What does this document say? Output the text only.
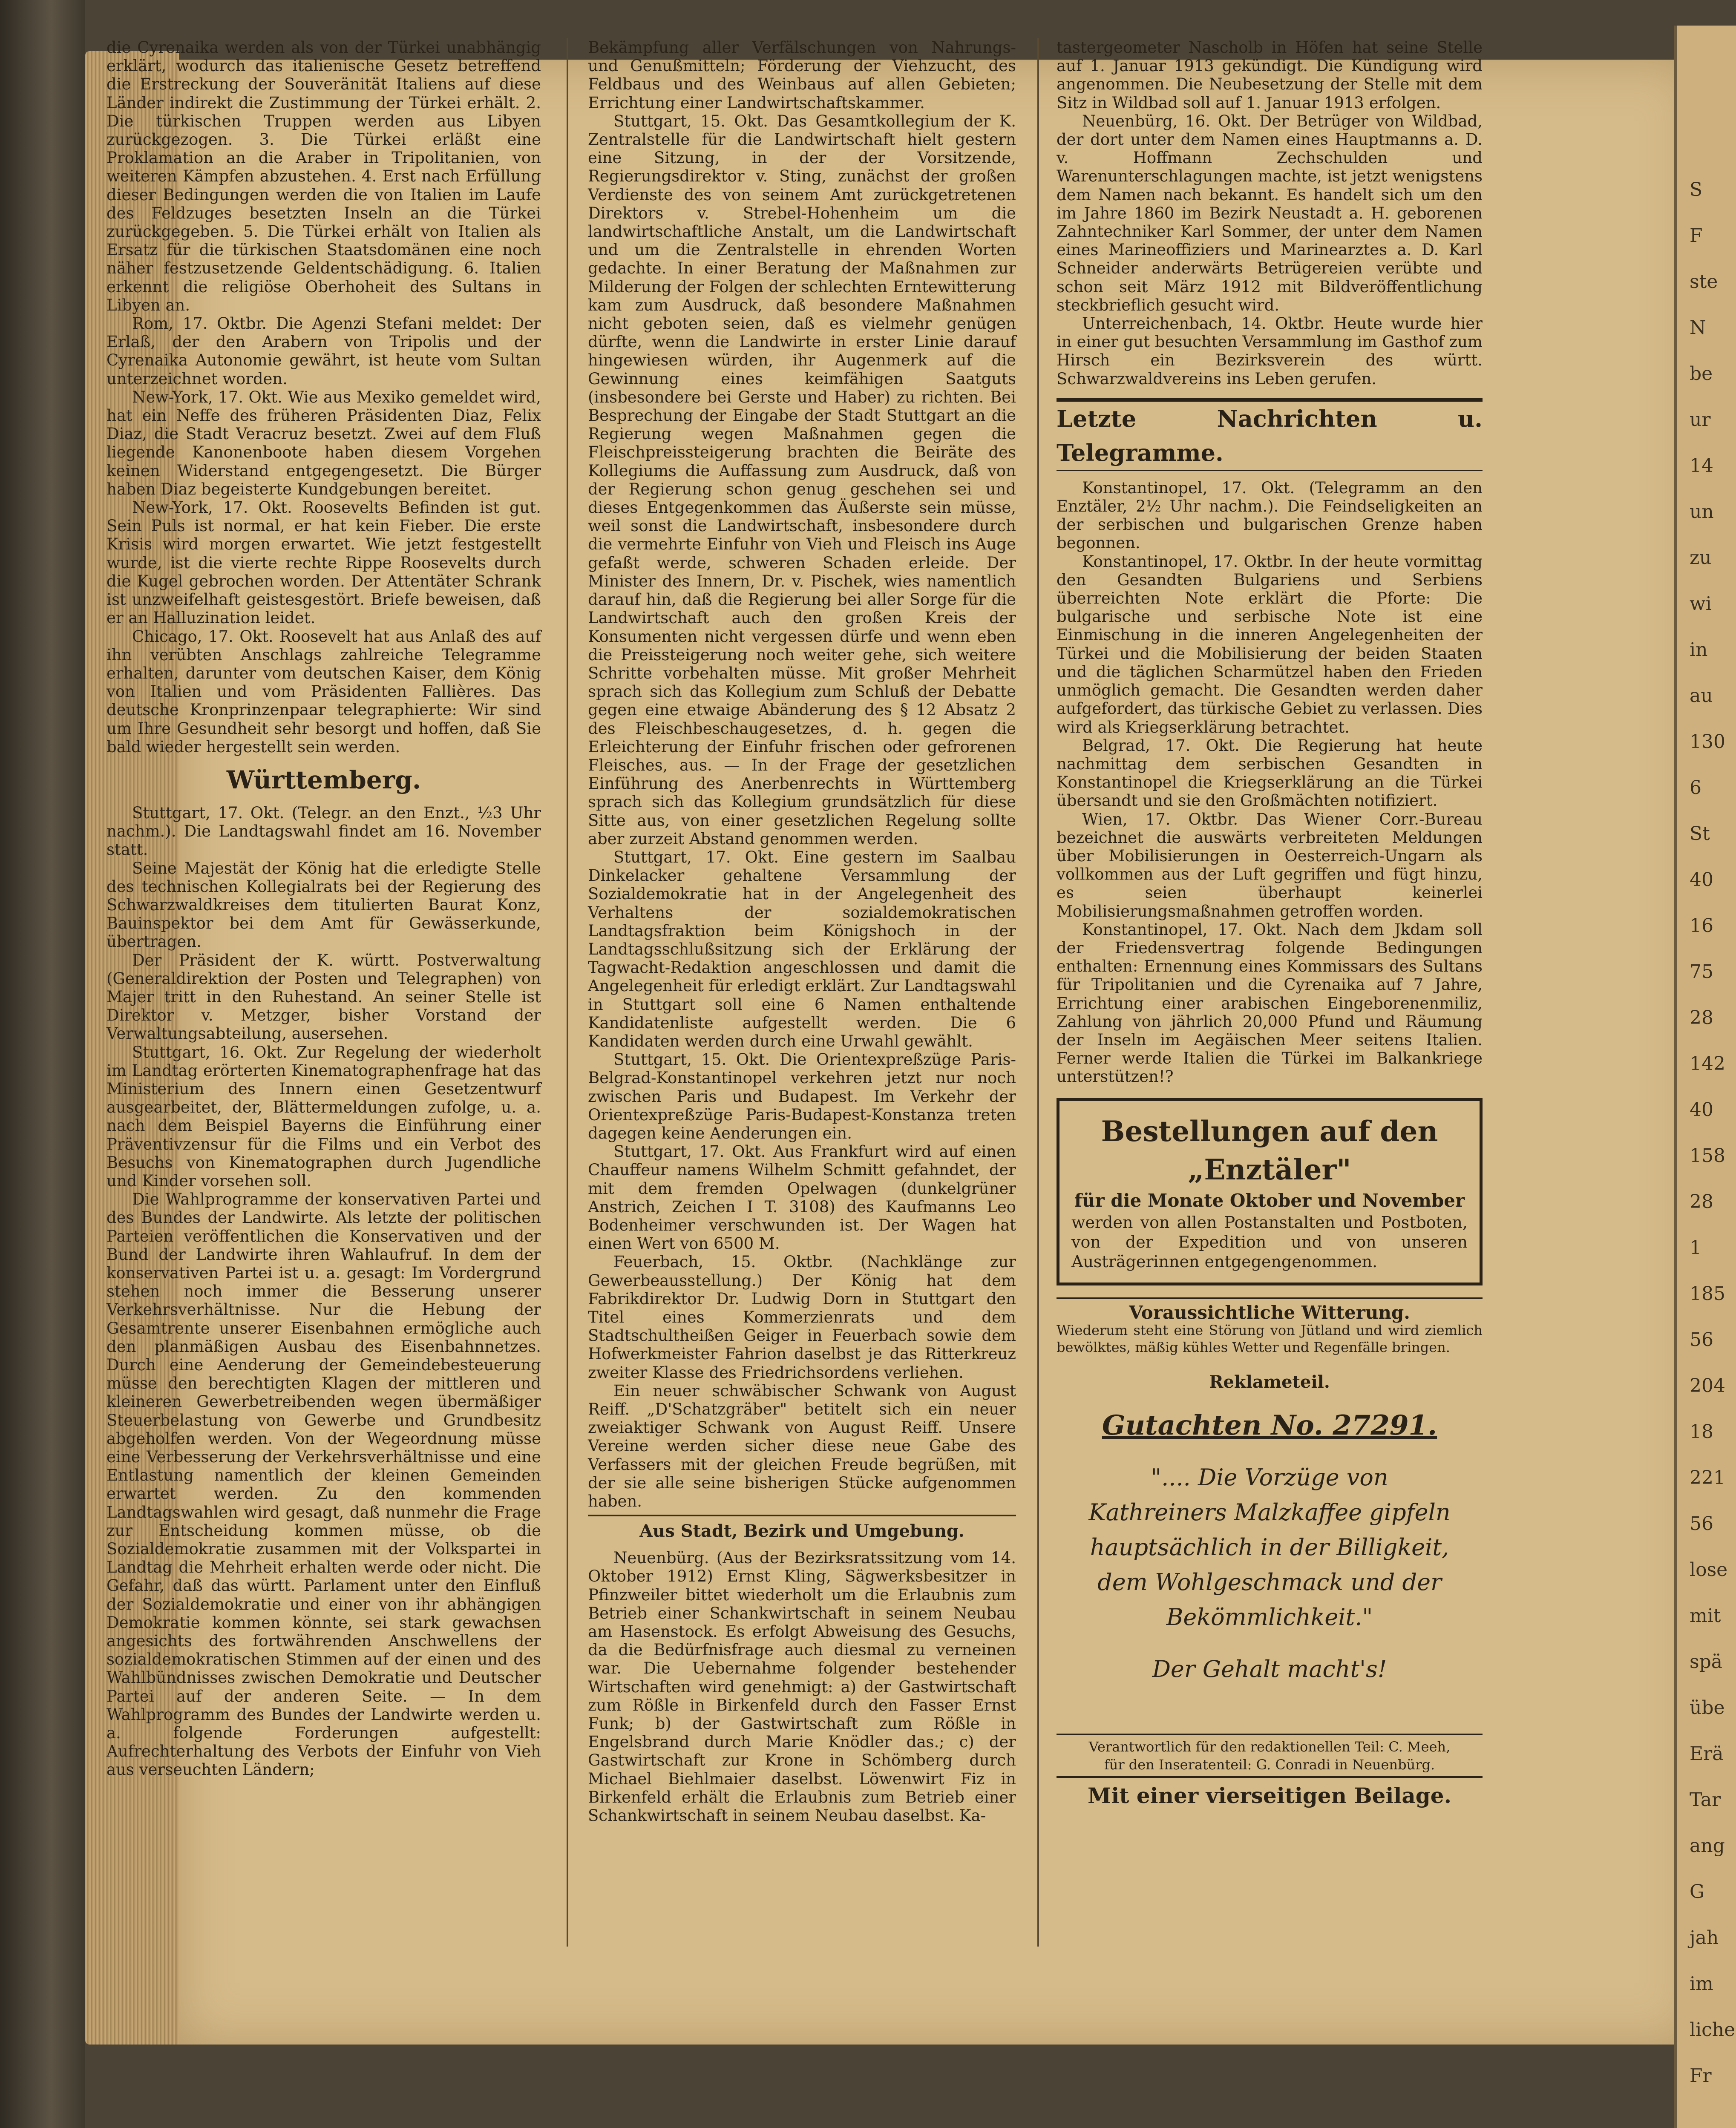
die Cyrenaika werden als von der Türkei unabhängig erklärt, wodurch das italienische Gesetz betreffend die Erstreckung der Souveränität Italiens auf diese Länder indirekt die Zustimmung der Türkei erhält. 2. Die türkischen Truppen werden aus Libyen zurückgezogen. 3. Die Türkei erläßt eine Proklamation an die Araber in Tripolitanien, von weiteren Kämpfen abzustehen. 4. Erst nach Erfüllung dieser Bedingungen werden die von Italien im Laufe des Feldzuges besetzten Inseln an die Türkei zurückgegeben. 5. Die Türkei erhält von Italien als Ersatz für die türkischen Staatsdomänen eine noch näher festzusetzende Geldentschädigung. 6. Italien erkennt die religiöse Oberhoheit des Sultans in Libyen an.

Rom, 17. Oktbr. Die Agenzi Stefani meldet: Der Erlaß, der den Arabern von Tripolis und der Cyrenaika Autonomie gewährt, ist heute vom Sultan unterzeichnet worden.

New-York, 17. Okt. Wie aus Mexiko gemeldet wird, hat ein Neffe des früheren Präsidenten Diaz, Felix Diaz, die Stadt Veracruz besetzt. Zwei auf dem Fluß liegende Kanonenboote haben diesem Vorgehen keinen Widerstand entgegengesetzt. Die Bürger haben Diaz begeisterte Kundgebungen bereitet.

New-York, 17. Okt. Roosevelts Befinden ist gut. Sein Puls ist normal, er hat kein Fieber. Die erste Krisis wird morgen erwartet. Wie jetzt festgestellt wurde, ist die vierte rechte Rippe Roosevelts durch die Kugel gebrochen worden. Der Attentäter Schrank ist unzweifelhaft geistesgestört. Briefe beweisen, daß er an Halluzination leidet.

Chicago, 17. Okt. Roosevelt hat aus Anlaß des auf ihn verübten Anschlags zahlreiche Telegramme erhalten, darunter vom deutschen Kaiser, dem König von Italien und vom Präsidenten Fallières. Das deutsche Kronprinzenpaar telegraphierte: Wir sind um Ihre Gesundheit sehr besorgt und hoffen, daß Sie bald wieder hergestellt sein werden.

Württemberg.

Stuttgart, 17. Okt. (Telegr. an den Enzt., ½3 Uhr nachm.). Die Landtagswahl findet am 16. November statt.

Seine Majestät der König hat die erledigte Stelle des technischen Kollegialrats bei der Regierung des Schwarzwaldkreises dem titulierten Baurat Konz, Bauinspektor bei dem Amt für Gewässerkunde, übertragen.

Der Präsident der K. württ. Postverwaltung (Generaldirektion der Posten und Telegraphen) von Majer tritt in den Ruhestand. An seiner Stelle ist Direktor v. Metzger, bisher Vorstand der Verwaltungsabteilung, ausersehen.

Stuttgart, 16. Okt. Zur Regelung der wiederholt im Landtag erörterten Kinematographenfrage hat das Ministerium des Innern einen Gesetzentwurf ausgearbeitet, der, Blättermeldungen zufolge, u. a. nach dem Beispiel Bayerns die Einführung einer Präventivzensur für die Films und ein Verbot des Besuchs von Kinematographen durch Jugendliche und Kinder vorsehen soll.

Die Wahlprogramme der konservativen Partei und des Bundes der Landwirte. Als letzte der politischen Parteien veröffentlichen die Konservativen und der Bund der Landwirte ihren Wahlaufruf. In dem der konservativen Partei ist u. a. gesagt: Im Vordergrund stehen noch immer die Besserung unserer Verkehrsverhältnisse. Nur die Hebung der Gesamtrente unserer Eisenbahnen ermögliche auch den planmäßigen Ausbau des Eisenbahnnetzes. Durch eine Aenderung der Gemeindebesteuerung müsse den berechtigten Klagen der mittleren und kleineren Gewerbetreibenden wegen übermäßiger Steuerbelastung von Gewerbe und Grundbesitz abgeholfen werden. Von der Wegeordnung müsse eine Verbesserung der Verkehrsverhältnisse und eine Entlastung namentlich der kleinen Gemeinden erwartet werden. Zu den kommenden Landtagswahlen wird gesagt, daß nunmehr die Frage zur Entscheidung kommen müsse, ob die Sozialdemokratie zusammen mit der Volkspartei in Landtag die Mehrheit erhalten werde oder nicht. Die Gefahr, daß das württ. Parlament unter den Einfluß der Sozialdemokratie und einer von ihr abhängigen Demokratie kommen könnte, sei stark gewachsen angesichts des fortwährenden Anschwellens der sozialdemokratischen Stimmen auf der einen und des Wahlbündnisses zwischen Demokratie und Deutscher Partei auf der anderen Seite. — In dem Wahlprogramm des Bundes der Landwirte werden u. a. folgende Forderungen aufgestellt: Aufrechterhaltung des Verbots der Einfuhr von Vieh aus verseuchten Ländern;

Bekämpfung aller Verfälschungen von Nahrungs- und Genußmitteln; Förderung der Viehzucht, des Feldbaus und des Weinbaus auf allen Gebieten; Errichtung einer Landwirtschaftskammer.

Stuttgart, 15. Okt. Das Gesamtkollegium der K. Zentralstelle für die Landwirtschaft hielt gestern eine Sitzung, in der der Vorsitzende, Regierungsdirektor v. Sting, zunächst der großen Verdienste des von seinem Amt zurückgetretenen Direktors v. Strebel-Hohenheim um die landwirtschaftliche Anstalt, um die Landwirtschaft und um die Zentralstelle in ehrenden Worten gedachte. In einer Beratung der Maßnahmen zur Milderung der Folgen der schlechten Erntewitterung kam zum Ausdruck, daß besondere Maßnahmen nicht geboten seien, daß es vielmehr genügen dürfte, wenn die Landwirte in erster Linie darauf hingewiesen würden, ihr Augenmerk auf die Gewinnung eines keimfähigen Saatguts (insbesondere bei Gerste und Haber) zu richten. Bei Besprechung der Eingabe der Stadt Stuttgart an die Regierung wegen Maßnahmen gegen die Fleischpreissteigerung brachten die Beiräte des Kollegiums die Auffassung zum Ausdruck, daß von der Regierung schon genug geschehen sei und dieses Entgegenkommen das Äußerste sein müsse, weil sonst die Landwirtschaft, insbesondere durch die vermehrte Einfuhr von Vieh und Fleisch ins Auge gefaßt werde, schweren Schaden erleide. Der Minister des Innern, Dr. v. Pischek, wies namentlich darauf hin, daß die Regierung bei aller Sorge für die Landwirtschaft auch den großen Kreis der Konsumenten nicht vergessen dürfe und wenn eben die Preissteigerung noch weiter gehe, sich weitere Schritte vorbehalten müsse. Mit großer Mehrheit sprach sich das Kollegium zum Schluß der Debatte gegen eine etwaige Abänderung des § 12 Absatz 2 des Fleischbeschaugesetzes, d. h. gegen die Erleichterung der Einfuhr frischen oder gefrorenen Fleisches, aus. — In der Frage der gesetzlichen Einführung des Anerbenrechts in Württemberg sprach sich das Kollegium grundsätzlich für diese Sitte aus, von einer gesetzlichen Regelung sollte aber zurzeit Abstand genommen werden.

Stuttgart, 17. Okt. Eine gestern im Saalbau Dinkelacker gehaltene Versammlung der Sozialdemokratie hat in der Angelegenheit des Verhaltens der sozialdemokratischen Landtagsfraktion beim Königshoch in der Landtagsschlußsitzung sich der Erklärung der Tagwacht-Redaktion angeschlossen und damit die Angelegenheit für erledigt erklärt. Zur Landtagswahl in Stuttgart soll eine 6 Namen enthaltende Kandidatenliste aufgestellt werden. Die 6 Kandidaten werden durch eine Urwahl gewählt.

Stuttgart, 15. Okt. Die Orientexpreßzüge Paris-Belgrad-Konstantinopel verkehren jetzt nur noch zwischen Paris und Budapest. Im Verkehr der Orientexpreßzüge Paris-Budapest-Konstanza treten dagegen keine Aenderungen ein.

Stuttgart, 17. Okt. Aus Frankfurt wird auf einen Chauffeur namens Wilhelm Schmitt gefahndet, der mit dem fremden Opelwagen (dunkelgrüner Anstrich, Zeichen I T. 3108) des Kaufmanns Leo Bodenheimer verschwunden ist. Der Wagen hat einen Wert von 6500 M.

Feuerbach, 15. Oktbr. (Nachklänge zur Gewerbeausstellung.) Der König hat dem Fabrikdirektor Dr. Ludwig Dorn in Stuttgart den Titel eines Kommerzienrats und dem Stadtschultheißen Geiger in Feuerbach sowie dem Hofwerkmeister Fahrion daselbst je das Ritterkreuz zweiter Klasse des Friedrichsordens verliehen.

Ein neuer schwäbischer Schwank von August Reiff. „D'Schatzgräber" betitelt sich ein neuer zweiaktiger Schwank von August Reiff. Unsere Vereine werden sicher diese neue Gabe des Verfassers mit der gleichen Freude begrüßen, mit der sie alle seine bisherigen Stücke aufgenommen haben.

Aus Stadt, Bezirk und Umgebung.

Neuenbürg. (Aus der Bezirksratssitzung vom 14. Oktober 1912) Ernst Kling, Sägwerksbesitzer in Pfinzweiler bittet wiederholt um die Erlaubnis zum Betrieb einer Schankwirtschaft in seinem Neubau am Hasenstock. Es erfolgt Abweisung des Gesuchs, da die Bedürfnisfrage auch diesmal zu verneinen war. Die Uebernahme folgender bestehender Wirtschaften wird genehmigt: a) der Gastwirtschaft zum Rößle in Birkenfeld durch den Fasser Ernst Funk; b) der Gastwirtschaft zum Rößle in Engelsbrand durch Marie Knödler das.; c) der Gastwirtschaft zur Krone in Schömberg durch Michael Biehlmaier daselbst. Löwenwirt Fiz in Birkenfeld erhält die Erlaubnis zum Betrieb einer Schankwirtschaft in seinem Neubau daselbst. Ka-

tastergeometer Nascholb in Höfen hat seine Stelle auf 1. Januar 1913 gekündigt. Die Kündigung wird angenommen. Die Neubesetzung der Stelle mit dem Sitz in Wildbad soll auf 1. Januar 1913 erfolgen.

Neuenbürg, 16. Okt. Der Betrüger von Wildbad, der dort unter dem Namen eines Hauptmanns a. D. v. Hoffmann Zechschulden und Warenunterschlagungen machte, ist jetzt wenigstens dem Namen nach bekannt. Es handelt sich um den im Jahre 1860 im Bezirk Neustadt a. H. geborenen Zahntechniker Karl Sommer, der unter dem Namen eines Marineoffiziers und Marinearztes a. D. Karl Schneider anderwärts Betrügereien verübte und schon seit März 1912 mit Bildveröffentlichung steckbrieflich gesucht wird.

Unterreichenbach, 14. Oktbr. Heute wurde hier in einer gut besuchten Versammlung im Gasthof zum Hirsch ein Bezirksverein des württ. Schwarzwaldvereins ins Leben gerufen.

Letzte Nachrichten u. Telegramme.

Konstantinopel, 17. Okt. (Telegramm an den Enztäler, 2½ Uhr nachm.). Die Feindseligkeiten an der serbischen und bulgarischen Grenze haben begonnen.

Konstantinopel, 17. Oktbr. In der heute vormittag den Gesandten Bulgariens und Serbiens überreichten Note erklärt die Pforte: Die bulgarische und serbische Note ist eine Einmischung in die inneren Angelegenheiten der Türkei und die Mobilisierung der beiden Staaten und die täglichen Scharmützel haben den Frieden unmöglich gemacht. Die Gesandten werden daher aufgefordert, das türkische Gebiet zu verlassen. Dies wird als Kriegserklärung betrachtet.

Belgrad, 17. Okt. Die Regierung hat heute nachmittag dem serbischen Gesandten in Konstantinopel die Kriegserklärung an die Türkei übersandt und sie den Großmächten notifiziert.

Wien, 17. Oktbr. Das Wiener Corr.-Bureau bezeichnet die auswärts verbreiteten Meldungen über Mobilisierungen in Oesterreich-Ungarn als vollkommen aus der Luft gegriffen und fügt hinzu, es seien überhaupt keinerlei Mobilisierungsmaßnahmen getroffen worden.

Konstantinopel, 17. Okt. Nach dem Jkdam soll der Friedensvertrag folgende Bedingungen enthalten: Ernennung eines Kommissars des Sultans für Tripolitanien und die Cyrenaika auf 7 Jahre, Errichtung einer arabischen Eingeborenenmiliz, Zahlung von jährlich 20,000 Pfund und Räumung der Inseln im Aegäischen Meer seitens Italien. Ferner werde Italien die Türkei im Balkankriege unterstützen!?

Bestellungen auf den „Enztäler"
für die Monate Oktober und November
werden von allen Postanstalten und Postboten, von der Expedition und von unseren Austrägerinnen entgegengenommen.
Voraussichtliche Witterung.
Wiederum steht eine Störung von Jütland und wird ziemlich bewölktes, mäßig kühles Wetter und Regenfälle bringen.
Reklameteil.
Gutachten No. 27291.
".... Die Vorzüge von
Kathreiners Malzkaffee gipfeln
hauptsächlich in der Billigkeit,
dem Wohlgeschmack und der
Bekömmlichkeit."
Der Gehalt macht's!
Verantwortlich für den redaktionellen Teil: C. Meeh,
für den Inseratenteil: G. Conradi in Neuenbürg.
Mit einer vierseitigen Beilage.
S
F
ste
N
be
ur
14
un
zu
wi
in
au
130
6
St
40
16
75
28
142
40
158
28
1
185
56
204
18
221
56
lose
mit
spä
übe
Erä
Tar
ang
G
jah
im
liche
Fr
